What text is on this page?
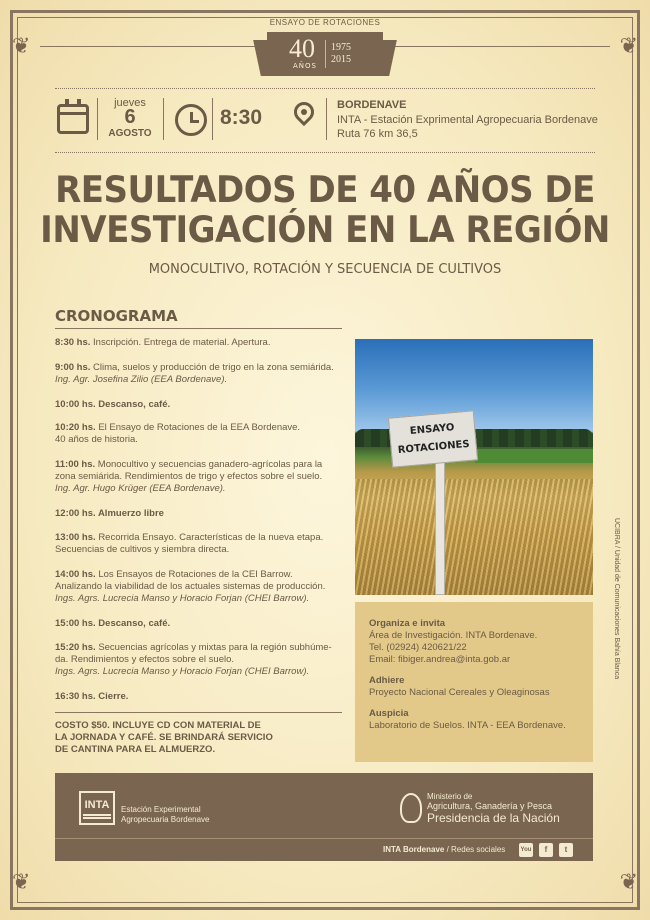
❦	❦
❦	❦
ENSAYO DE ROTACIONES
40
AÑOS
1975
2015
jueves
6
AGOSTO
8:30
BORDENAVE
INTA - Estación Exprimental Agropecuaria Bordenave
Ruta 76 km 36,5
RESULTADOS DE 40 AÑOS DE
INVESTIGACIÓN EN LA REGIÓN
MONOCULTIVO, ROTACIÓN Y SECUENCIA DE CULTIVOS
CRONOGRAMA
8:30 hs. Inscripción. Entrega de material. Apertura.
9:00 hs. Clima, suelos y producción de trigo en la zona semiárida.
Ing. Agr. Josefina Zilio (EEA Bordenave).
10:00 hs. Descanso, café.
10:20 hs. El Ensayo de Rotaciones de la EEA Bordenave.
40 años de historia.
11:00 hs. Monocultivo y secuencias ganadero-agrícolas para la
zona semiárida. Rendimientos de trigo y efectos sobre el suelo.
Ing. Agr. Hugo Krüger (EEA Bordenave).
12:00 hs. Almuerzo libre
13:00 hs. Recorrida Ensayo. Características de la nueva etapa.
Secuencias de cultivos y siembra directa.
14:00 hs. Los Ensayos de Rotaciones de la CEI Barrow.
Analizando la viabilidad de los actuales sistemas de producción.
Ings. Agrs. Lucrecia Manso y Horacio Forjan (CHEI Barrow).
15:00 hs. Descanso, café.
15:20 hs. Secuencias agrícolas y mixtas para la región subhúme-
da. Rendimientos y efectos sobre el suelo.
Ings. Agrs. Lucrecia Manso y Horacio Forjan (CHEI Barrow).
16:30 hs. Cierre.
COSTO $50. INCLUYE CD CON MATERIAL DE
LA JORNADA Y CAFÉ. SE BRINDARÁ SERVICIO
DE CANTINA PARA EL ALMUERZO.
ENSAYO
ROTACIONES
Organiza e invita
Área de Investigación. INTA Bordenave.
Tel. (02924) 420621/22
Email: fibiger.andrea@inta.gob.ar
Adhiere
Proyecto Nacional Cereales y Oleaginosas
Auspicia
Laboratorio de Suelos. INTA - EEA Bordenave.
UCIBRA / Unidad de Comunicaciones Bahía Blanca
INTA	Estación Experimental
Agropecuaria Bordenave
Ministerio de
Agricultura, Ganadería y Pesca
Presidencia de la Nación
INTA Bordenave / Redes sociales	You	f	t
